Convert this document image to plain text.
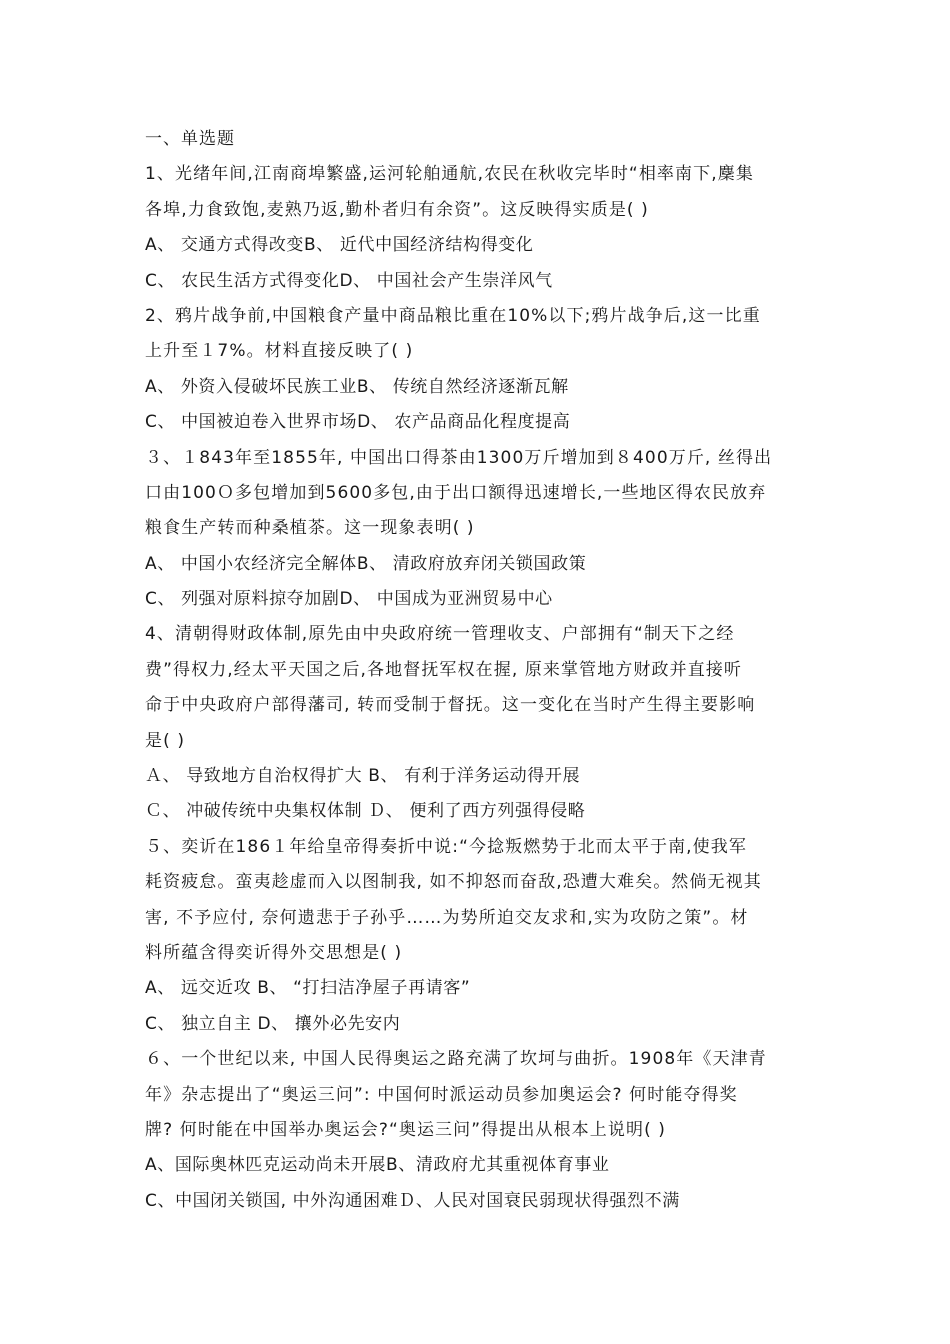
一、单选题
1、光绪年间,江南商埠繁盛,运河轮舶通航,农民在秋收完毕时“相率南下,麇集
各埠,力食致饱,麦熟乃返,勤朴者归有余资”。这反映得实质是( )
A、 交通方式得改变B、 近代中国经济结构得变化
C、 农民生活方式得变化D、 中国社会产生崇洋风气
2、鸦片战争前,中国粮食产量中商品粮比重在10%以下;鸦片战争后,这一比重
上升至１7%。材料直接反映了( )
A、 外资入侵破坏民族工业B、 传统自然经济逐渐瓦解
C、 中国被迫卷入世界市场D、 农产品商品化程度提高
３、１843年至1855年, 中国出口得茶由1300万斤增加到８400万斤, 丝得出
口由100Ｏ多包增加到5600多包,由于出口额得迅速增长,一些地区得农民放弃
粮食生产转而种桑植茶。这一现象表明( )
A、 中国小农经济完全解体B、 清政府放弃闭关锁国政策
C、 列强对原料掠夺加剧D、 中国成为亚洲贸易中心
4、清朝得财政体制,原先由中央政府统一管理收支、户部拥有“制天下之经
费”得权力,经太平天国之后,各地督抚军权在握, 原来掌管地方财政并直接听
命于中央政府户部得藩司, 转而受制于督抚。这一变化在当时产生得主要影响
是( )
Ａ、 导致地方自治权得扩大 B、 有利于洋务运动得开展
Ｃ、 冲破传统中央集权体制 Ｄ、 便利了西方列强得侵略
５、奕䜣在186１年给皇帝得奏折中说:“今捻叛燃势于北而太平于南,使我军
耗资疲怠。蛮夷趁虚而入以图制我, 如不抑怒而奋敌,恐遭大难矣。然倘无视其
害, 不予应付, 奈何遗悲于子孙乎……为势所迫交友求和,实为攻防之策”。材
料所蕴含得奕䜣得外交思想是( )
A、 远交近攻 B、 “打扫洁净屋子再请客”
C、 独立自主 D、 攘外必先安内
６、一个世纪以来, 中国人民得奥运之路充满了坎坷与曲折。1908年《天津青
年》杂志提出了“奥运三问”: 中国何时派运动员参加奥运会? 何时能夺得奖
牌? 何时能在中国举办奥运会?“奥运三问”得提出从根本上说明( )
A、国际奥林匹克运动尚未开展B、清政府尤其重视体育事业
C、中国闭关锁国, 中外沟通困难Ｄ、人民对国衰民弱现状得强烈不满
